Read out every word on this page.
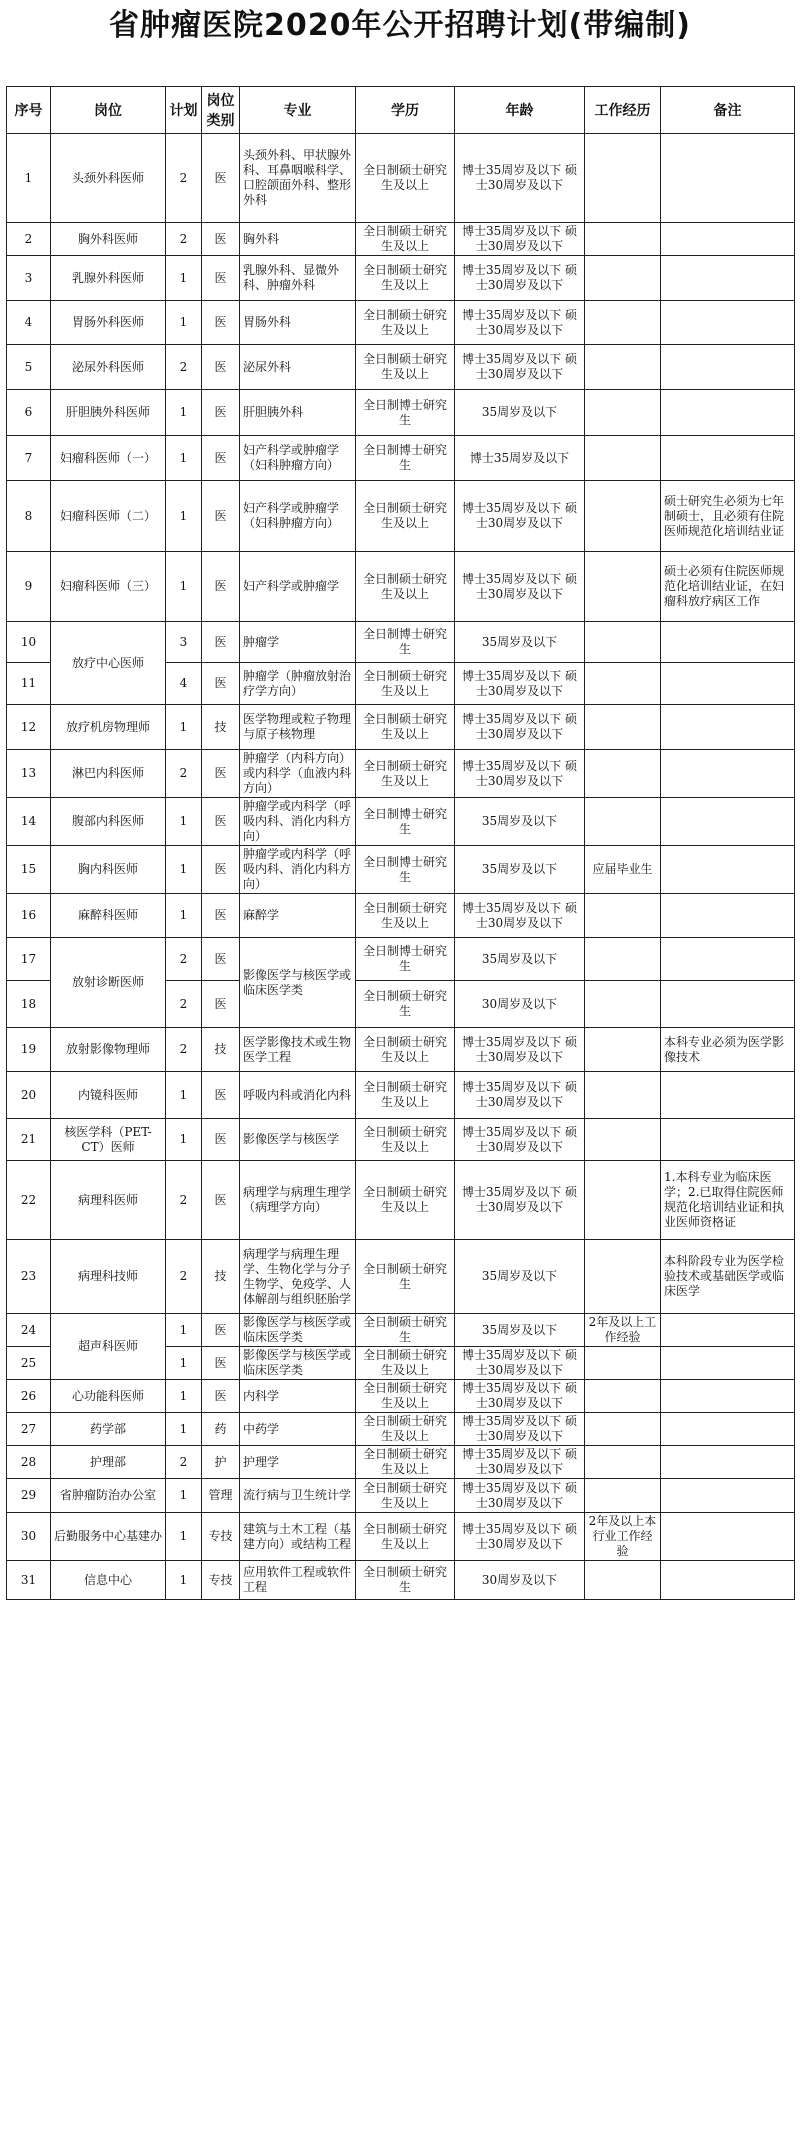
省肿瘤医院2020年公开招聘计划(带编制)
序号	岗位	计划	岗位类别	专业	学历	年龄	工作经历	备注
1	头颈外科医师	2	医	头颈外科、甲状腺外科、耳鼻咽喉科学、口腔颌面外科、整形外科	全日制硕士研究生及以上	博士35周岁及以下 硕士30周岁及以下		
2	胸外科医师	2	医	胸外科	全日制硕士研究生及以上	博士35周岁及以下 硕士30周岁及以下		
3	乳腺外科医师	1	医	乳腺外科、显微外科、肿瘤外科	全日制硕士研究生及以上	博士35周岁及以下 硕士30周岁及以下		
4	胃肠外科医师	1	医	胃肠外科	全日制硕士研究生及以上	博士35周岁及以下 硕士30周岁及以下		
5	泌尿外科医师	2	医	泌尿外科	全日制硕士研究生及以上	博士35周岁及以下 硕士30周岁及以下		
6	肝胆胰外科医师	1	医	肝胆胰外科	全日制博士研究生	35周岁及以下		
7	妇瘤科医师（一）	1	医	妇产科学或肿瘤学（妇科肿瘤方向）	全日制博士研究生	博士35周岁及以下		
8	妇瘤科医师（二）	1	医	妇产科学或肿瘤学（妇科肿瘤方向）	全日制硕士研究生及以上	博士35周岁及以下 硕士30周岁及以下		硕士研究生必须为七年制硕士，且必须有住院医师规范化培训结业证
9	妇瘤科医师（三）	1	医	妇产科学或肿瘤学	全日制硕士研究生及以上	博士35周岁及以下 硕士30周岁及以下		硕士必须有住院医师规范化培训结业证，在妇瘤科放疗病区工作
10	放疗中心医师	3	医	肿瘤学	全日制博士研究生	35周岁及以下		
11		4	医	肿瘤学（肿瘤放射治疗学方向）	全日制硕士研究生及以上	博士35周岁及以下 硕士30周岁及以下		
12	放疗机房物理师	1	技	医学物理或粒子物理与原子核物理	全日制硕士研究生及以上	博士35周岁及以下 硕士30周岁及以下		
13	淋巴内科医师	2	医	肿瘤学（内科方向）或内科学（血液内科方向）	全日制硕士研究生及以上	博士35周岁及以下 硕士30周岁及以下		
14	腹部内科医师	1	医	肿瘤学或内科学（呼吸内科、消化内科方向）	全日制博士研究生	35周岁及以下		
15	胸内科医师	1	医	肿瘤学或内科学（呼吸内科、消化内科方向）	全日制博士研究生	35周岁及以下	应届毕业生	
16	麻醉科医师	1	医	麻醉学	全日制硕士研究生及以上	博士35周岁及以下 硕士30周岁及以下		
17	放射诊断医师	2	医	影像医学与核医学或临床医学类	全日制博士研究生	35周岁及以下		
18		2	医		全日制硕士研究生	30周岁及以下		
19	放射影像物理师	2	技	医学影像技术或生物医学工程	全日制硕士研究生及以上	博士35周岁及以下 硕士30周岁及以下		本科专业必须为医学影像技术
20	内镜科医师	1	医	呼吸内科或消化内科	全日制硕士研究生及以上	博士35周岁及以下 硕士30周岁及以下		
21	核医学科（PET-CT）医师	1	医	影像医学与核医学	全日制硕士研究生及以上	博士35周岁及以下 硕士30周岁及以下		
22	病理科医师	2	医	病理学与病理生理学（病理学方向）	全日制硕士研究生及以上	博士35周岁及以下 硕士30周岁及以下		1.本科专业为临床医学；2.已取得住院医师规范化培训结业证和执业医师资格证
23	病理科技师	2	技	病理学与病理生理学、生物化学与分子生物学、免疫学、人体解剖与组织胚胎学	全日制硕士研究生	35周岁及以下		本科阶段专业为医学检验技术或基础医学或临床医学
24	超声科医师	1	医	影像医学与核医学或临床医学类	全日制硕士研究生	35周岁及以下	2年及以上工作经验	
25		1	医	影像医学与核医学或临床医学类	全日制硕士研究生及以上	博士35周岁及以下 硕士30周岁及以下		
26	心功能科医师	1	医	内科学	全日制硕士研究生及以上	博士35周岁及以下 硕士30周岁及以下		
27	药学部	1	药	中药学	全日制硕士研究生及以上	博士35周岁及以下 硕士30周岁及以下		
28	护理部	2	护	护理学	全日制硕士研究生及以上	博士35周岁及以下 硕士30周岁及以下		
29	省肿瘤防治办公室	1	管理	流行病与卫生统计学	全日制硕士研究生及以上	博士35周岁及以下 硕士30周岁及以下		
30	后勤服务中心基建办	1	专技	建筑与土木工程（基建方向）或结构工程	全日制硕士研究生及以上	博士35周岁及以下 硕士30周岁及以下	2年及以上本行业工作经验	
31	信息中心	1	专技	应用软件工程或软件工程	全日制硕士研究生	30周岁及以下		
